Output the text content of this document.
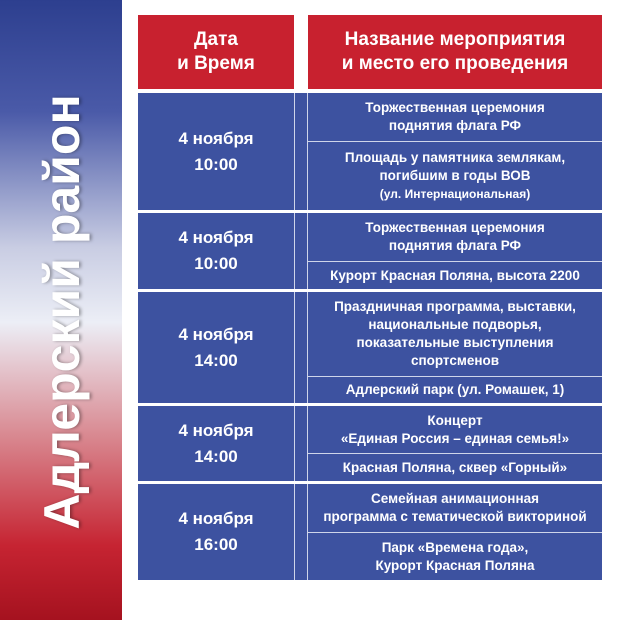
Адлерский район
Дата
и Время
Название мероприятия
и место его проведения
4 ноября
10:00
Торжественная церемония
поднятия флага РФ
Площадь у памятника землякам,
погибшим в годы ВОВ
(ул. Интернациональная)
4 ноября
10:00
Торжественная церемония
поднятия флага РФ
Курорт Красная Поляна, высота 2200
4 ноября
14:00
Праздничная программа, выставки,
национальные подворья,
показательные выступления
спортсменов
Адлерский парк (ул. Ромашек, 1)
4 ноября
14:00
Концерт
«Единая Россия – единая семья!»
Красная Поляна, сквер «Горный»
4 ноября
16:00
Семейная анимационная
программа с тематической викториной
Парк «Времена года»,
Курорт Красная Поляна
